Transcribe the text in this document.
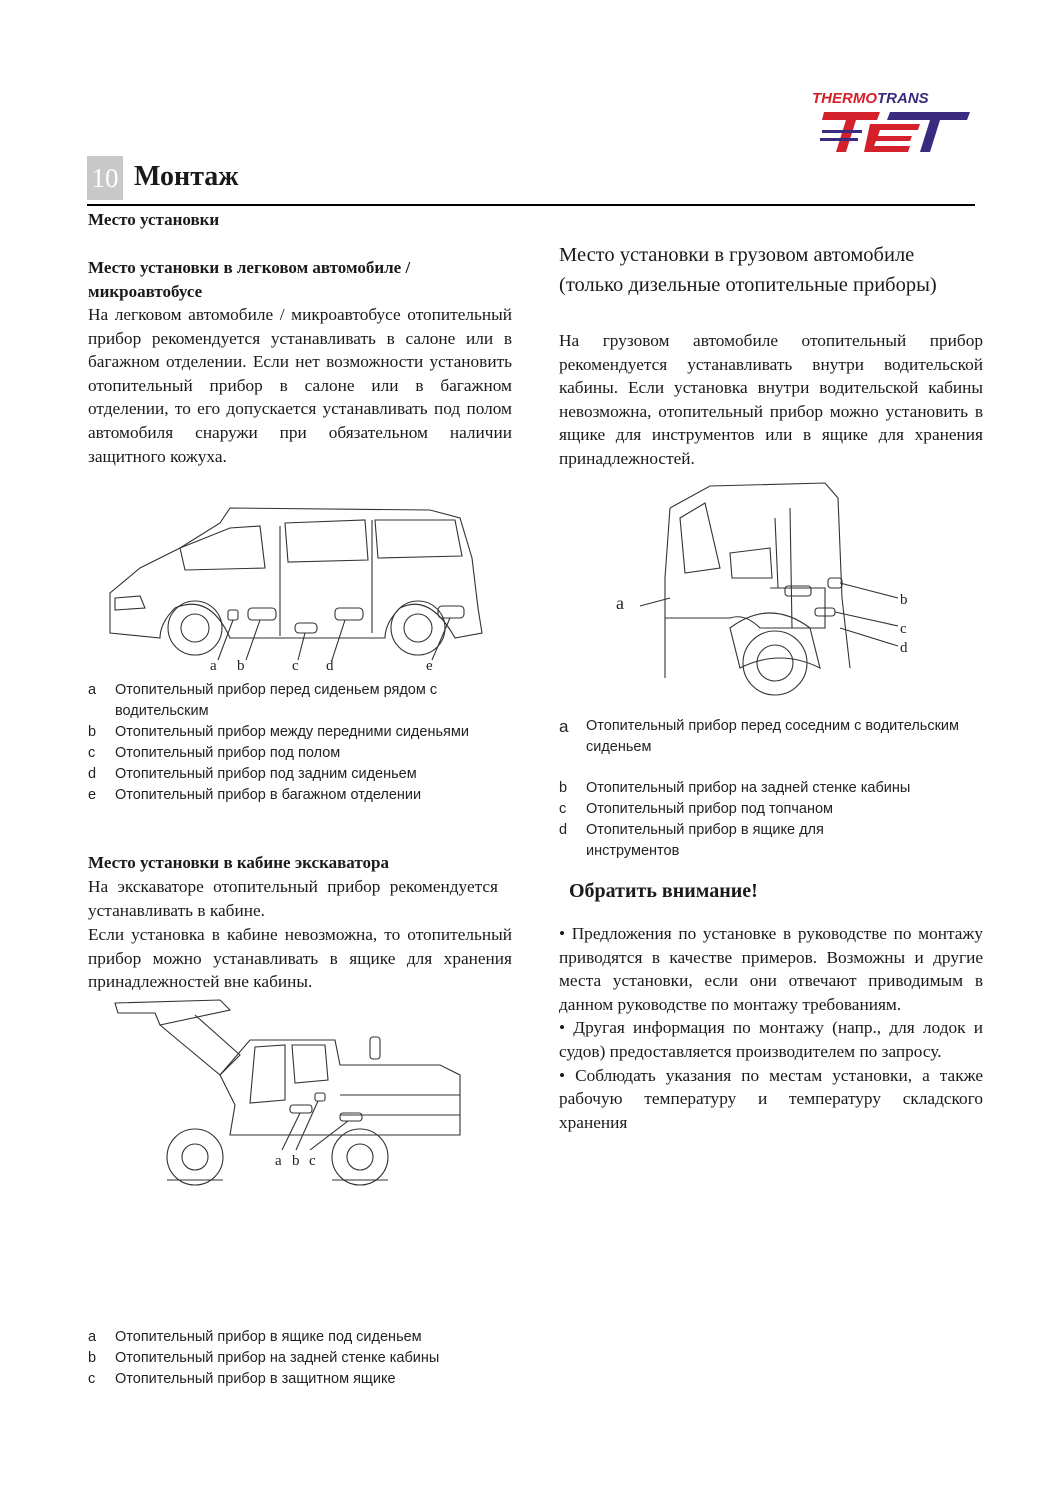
THERMOTRANS
10 Монтаж
Место установки
Место установки в легковом автомобиле / микроавтобусе
На легковом автомобиле / микроавтобусе отопительный прибор рекомендуется устанавливать в салоне или в багажном отделении. Если нет возможности установить отопительный прибор в салоне или в багажном отделении, то его допускается устанавливать под полом автомобиля снаружи при обязательном наличии защитного кожуха.
a b	c d	e
a Отопительный прибор перед сиденьем рядом с водительским
b Отопительный прибор между передними сиденьями
c Отопительный прибор под полом
d Отопительный прибор под задним сиденьем
e Отопительный прибор в багажном отделении
Место установки в кабине экскаватора
На экскаваторе отопительный прибор рекомендуется устанавливать в кабине.
Если установка в кабине невозможна, то отопительный прибор можно устанавливать в ящике для хранения принадлежностей вне кабины.
a b c
a Отопительный прибор в ящике под сиденьем
b Отопительный прибор на задней стенке кабины
c Отопительный прибор в защитном ящике
Место установки в грузовом автомобиле (только дизельные отопительные приборы)
На грузовом автомобиле отопительный прибор рекомендуется устанавливать внутри водительской кабины. Если установка внутри водительской кабины невозможна, отопительный прибор можно установить в ящике для инструментов или в ящике для хранения принадлежностей.
a	b
c
d
a Отопительный прибор перед соседним с водительским сиденьем
b Отопительный прибор на задней стенке кабины
c Отопительный прибор под топчаном
d Отопительный прибор в ящике для инструментов
Обратить внимание!
• Предложения по установке в руководстве по монтажу приводятся в качестве примеров. Возможны и другие места установки, если они отвечают приводимым в данном руководстве по монтажу требованиям.
• Другая информация по монтажу (напр., для лодок и судов) предоставляется производителем по запросу.
• Соблюдать указания по местам установки, а также рабочую температуру и температуру складского хранения
